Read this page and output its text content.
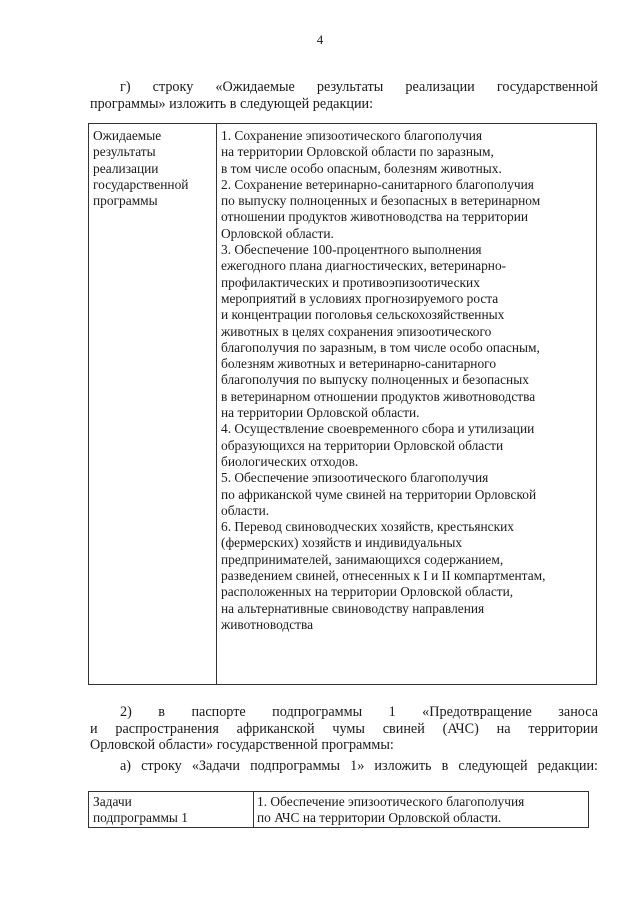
4
г) строку «Ожидаемые результаты реализации государственной
программы» изложить в следующей редакции:
Ожидаемые
результаты
реализации
государственной
программы
1. Сохранение эпизоотического благополучия
на территории Орловской области по заразным,
в том числе особо опасным, болезням животных.
2. Сохранение ветеринарно-санитарного благополучия
по выпуску полноценных и безопасных в ветеринарном
отношении продуктов животноводства на территории
Орловской области.
3. Обеспечение 100-процентного выполнения
ежегодного плана диагностических, ветеринарно-
профилактических и противоэпизоотических
мероприятий в условиях прогнозируемого роста
и концентрации поголовья сельскохозяйственных
животных в целях сохранения эпизоотического
благополучия по заразным, в том числе особо опасным,
болезням животных и ветеринарно-санитарного
благополучия по выпуску полноценных и безопасных
в ветеринарном отношении продуктов животноводства
на территории Орловской области.
4. Осуществление своевременного сбора и утилизации
образующихся на территории Орловской области
биологических отходов.
5. Обеспечение эпизоотического благополучия
по африканской чуме свиней на территории Орловской
области.
6. Перевод свиноводческих хозяйств, крестьянских
(фермерских) хозяйств и индивидуальных
предпринимателей, занимающихся содержанием,
разведением свиней, отнесенных к I и II компартментам,
расположенных на территории Орловской области,
на альтернативные свиноводству направления
животноводства
2) в паспорте подпрограммы 1 «Предотвращение заноса
и распространения африканской чумы свиней (АЧС) на территории
Орловской области» государственной программы:
а) строку «Задачи подпрограммы 1» изложить в следующей редакции:
Задачи
подпрограммы 1
1. Обеспечение эпизоотического благополучия
по АЧС на территории Орловской области.
